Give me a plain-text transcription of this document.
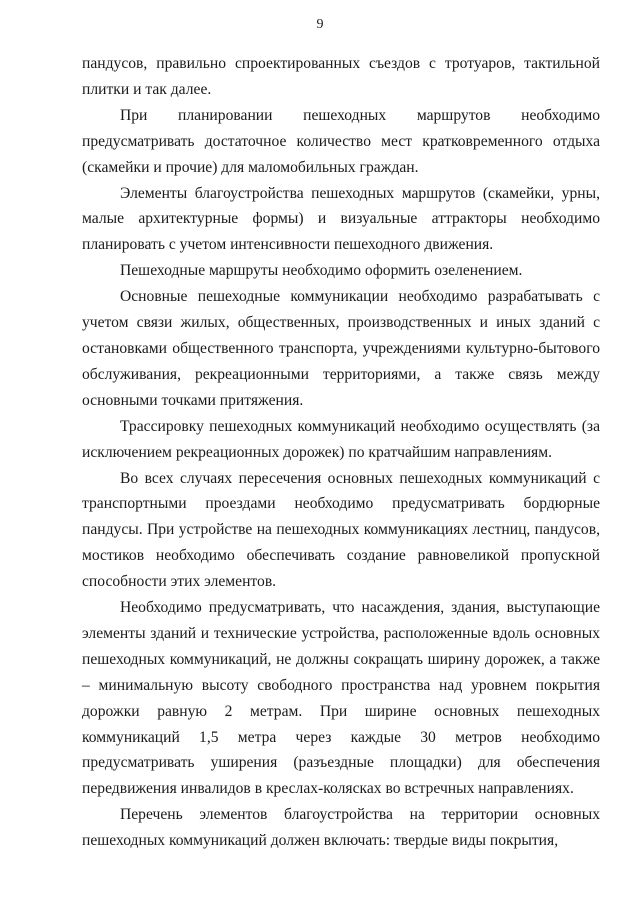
9

пандусов, правильно спроектированных съездов с тротуаров, тактильной плитки и так далее.

При планировании пешеходных маршрутов необходимо предусматривать достаточное количество мест кратковременного отдыха (скамейки и прочие) для маломобильных граждан.

Элементы благоустройства пешеходных маршрутов (скамейки, урны, малые архитектурные формы) и визуальные аттракторы необходимо планировать с учетом интенсивности пешеходного движения.

Пешеходные маршруты необходимо оформить озеленением.

Основные пешеходные коммуникации необходимо разрабатывать с учетом связи жилых, общественных, производственных и иных зданий с остановками общественного транспорта, учреждениями культурно-бытового обслуживания, рекреационными территориями, а также связь между основными точками притяжения.

Трассировку пешеходных коммуникаций необходимо осуществлять (за исключением рекреационных дорожек) по кратчайшим направлениям.

Во всех случаях пересечения основных пешеходных коммуникаций с транспортными проездами необходимо предусматривать бордюрные пандусы. При устройстве на пешеходных коммуникациях лестниц, пандусов, мостиков необходимо обеспечивать создание равновеликой пропускной способности этих элементов.

Необходимо предусматривать, что насаждения, здания, выступающие элементы зданий и технические устройства, расположенные вдоль основных пешеходных коммуникаций, не должны сокращать ширину дорожек, а также – минимальную высоту свободного пространства над уровнем покрытия дорожки равную 2 метрам. При ширине основных пешеходных коммуникаций 1,5 метра через каждые 30 метров необходимо предусматривать уширения (разъездные площадки) для обеспечения передвижения инвалидов в креслах-колясках во встречных направлениях.

Перечень элементов благоустройства на территории основных пешеходных коммуникаций должен включать: твердые виды покрытия,
